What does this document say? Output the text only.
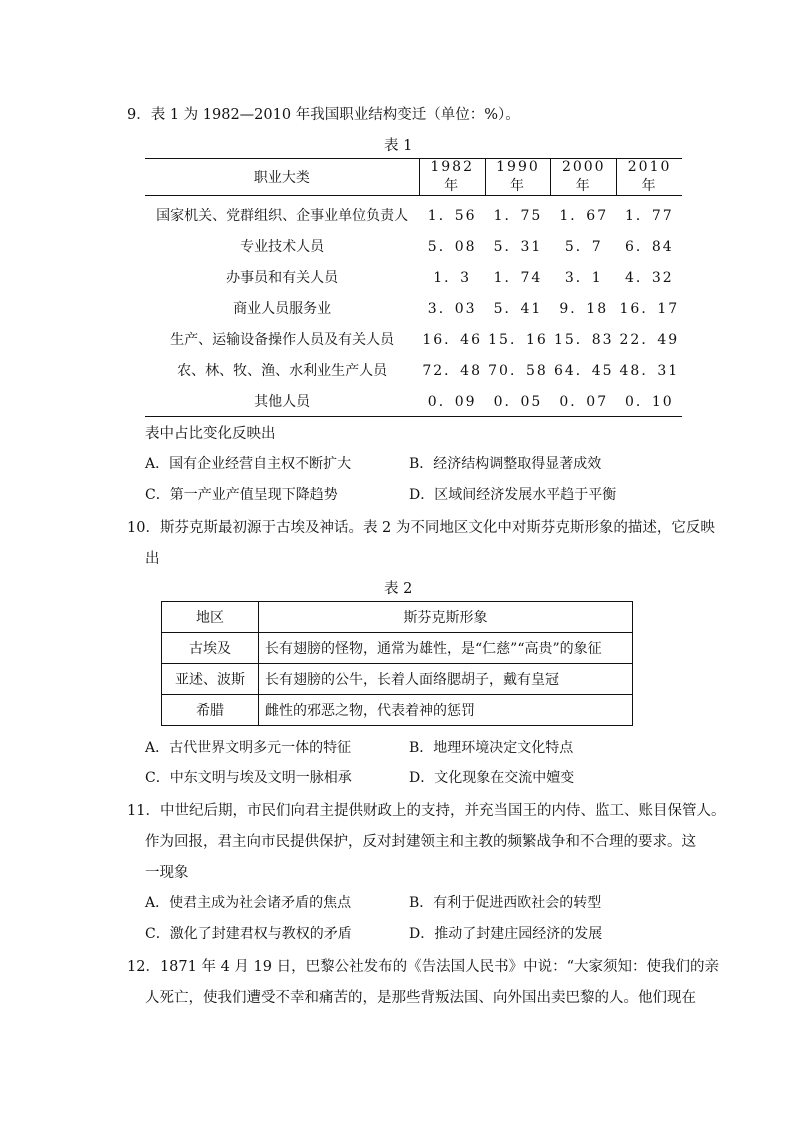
9．表 1 为 1982—2010 年我国职业结构变迁（单位：%）。
表 1
职业大类	1982 年	1990 年	2000 年	2010 年
国家机关、党群组织、企事业单位负责人	1．56	1．75	1．67	1．77
专业技术人员	5．08	5．31	5．7	6．84
办事员和有关人员	1．3	1．74	3．1	4．32
商业人员服务业	3．03	5．41	9．18	16．17
生产、运输设备操作人员及有关人员	16．46	15．16	15．83	22．49
农、林、牧、渔、水利业生产人员	72．48	70．58	64．45	48．31
其他人员	0．09	0．05	0．07	0．10
表中占比变化反映出
A．国有企业经营自主权不断扩大	B．经济结构调整取得显著成效
C．第一产业产值呈现下降趋势	D．区域间经济发展水平趋于平衡
10．斯芬克斯最初源于古埃及神话。表 2 为不同地区文化中对斯芬克斯形象的描述，它反映
出
表 2
地区	斯芬克斯形象
古埃及	长有翅膀的怪物，通常为雄性，是“仁慈”“高贵”的象征
亚述、波斯	长有翅膀的公牛，长着人面络腮胡子，戴有皇冠
希腊	雌性的邪恶之物，代表着神的惩罚
A．古代世界文明多元一体的特征	B．地理环境决定文化特点
C．中东文明与埃及文明一脉相承	D．文化现象在交流中嬗变
11．中世纪后期，市民们向君主提供财政上的支持，并充当国王的内侍、监工、账目保管人。
作为回报，君主向市民提供保护，反对封建领主和主教的频繁战争和不合理的要求。这
一现象
A．使君主成为社会诸矛盾的焦点	B．有利于促进西欧社会的转型
C．激化了封建君权与教权的矛盾	D．推动了封建庄园经济的发展
12．1871 年 4 月 19 日，巴黎公社发布的《告法国人民书》中说：“大家须知：使我们的亲
人死亡，使我们遭受不幸和痛苦的，是那些背叛法国、向外国出卖巴黎的人。他们现在
